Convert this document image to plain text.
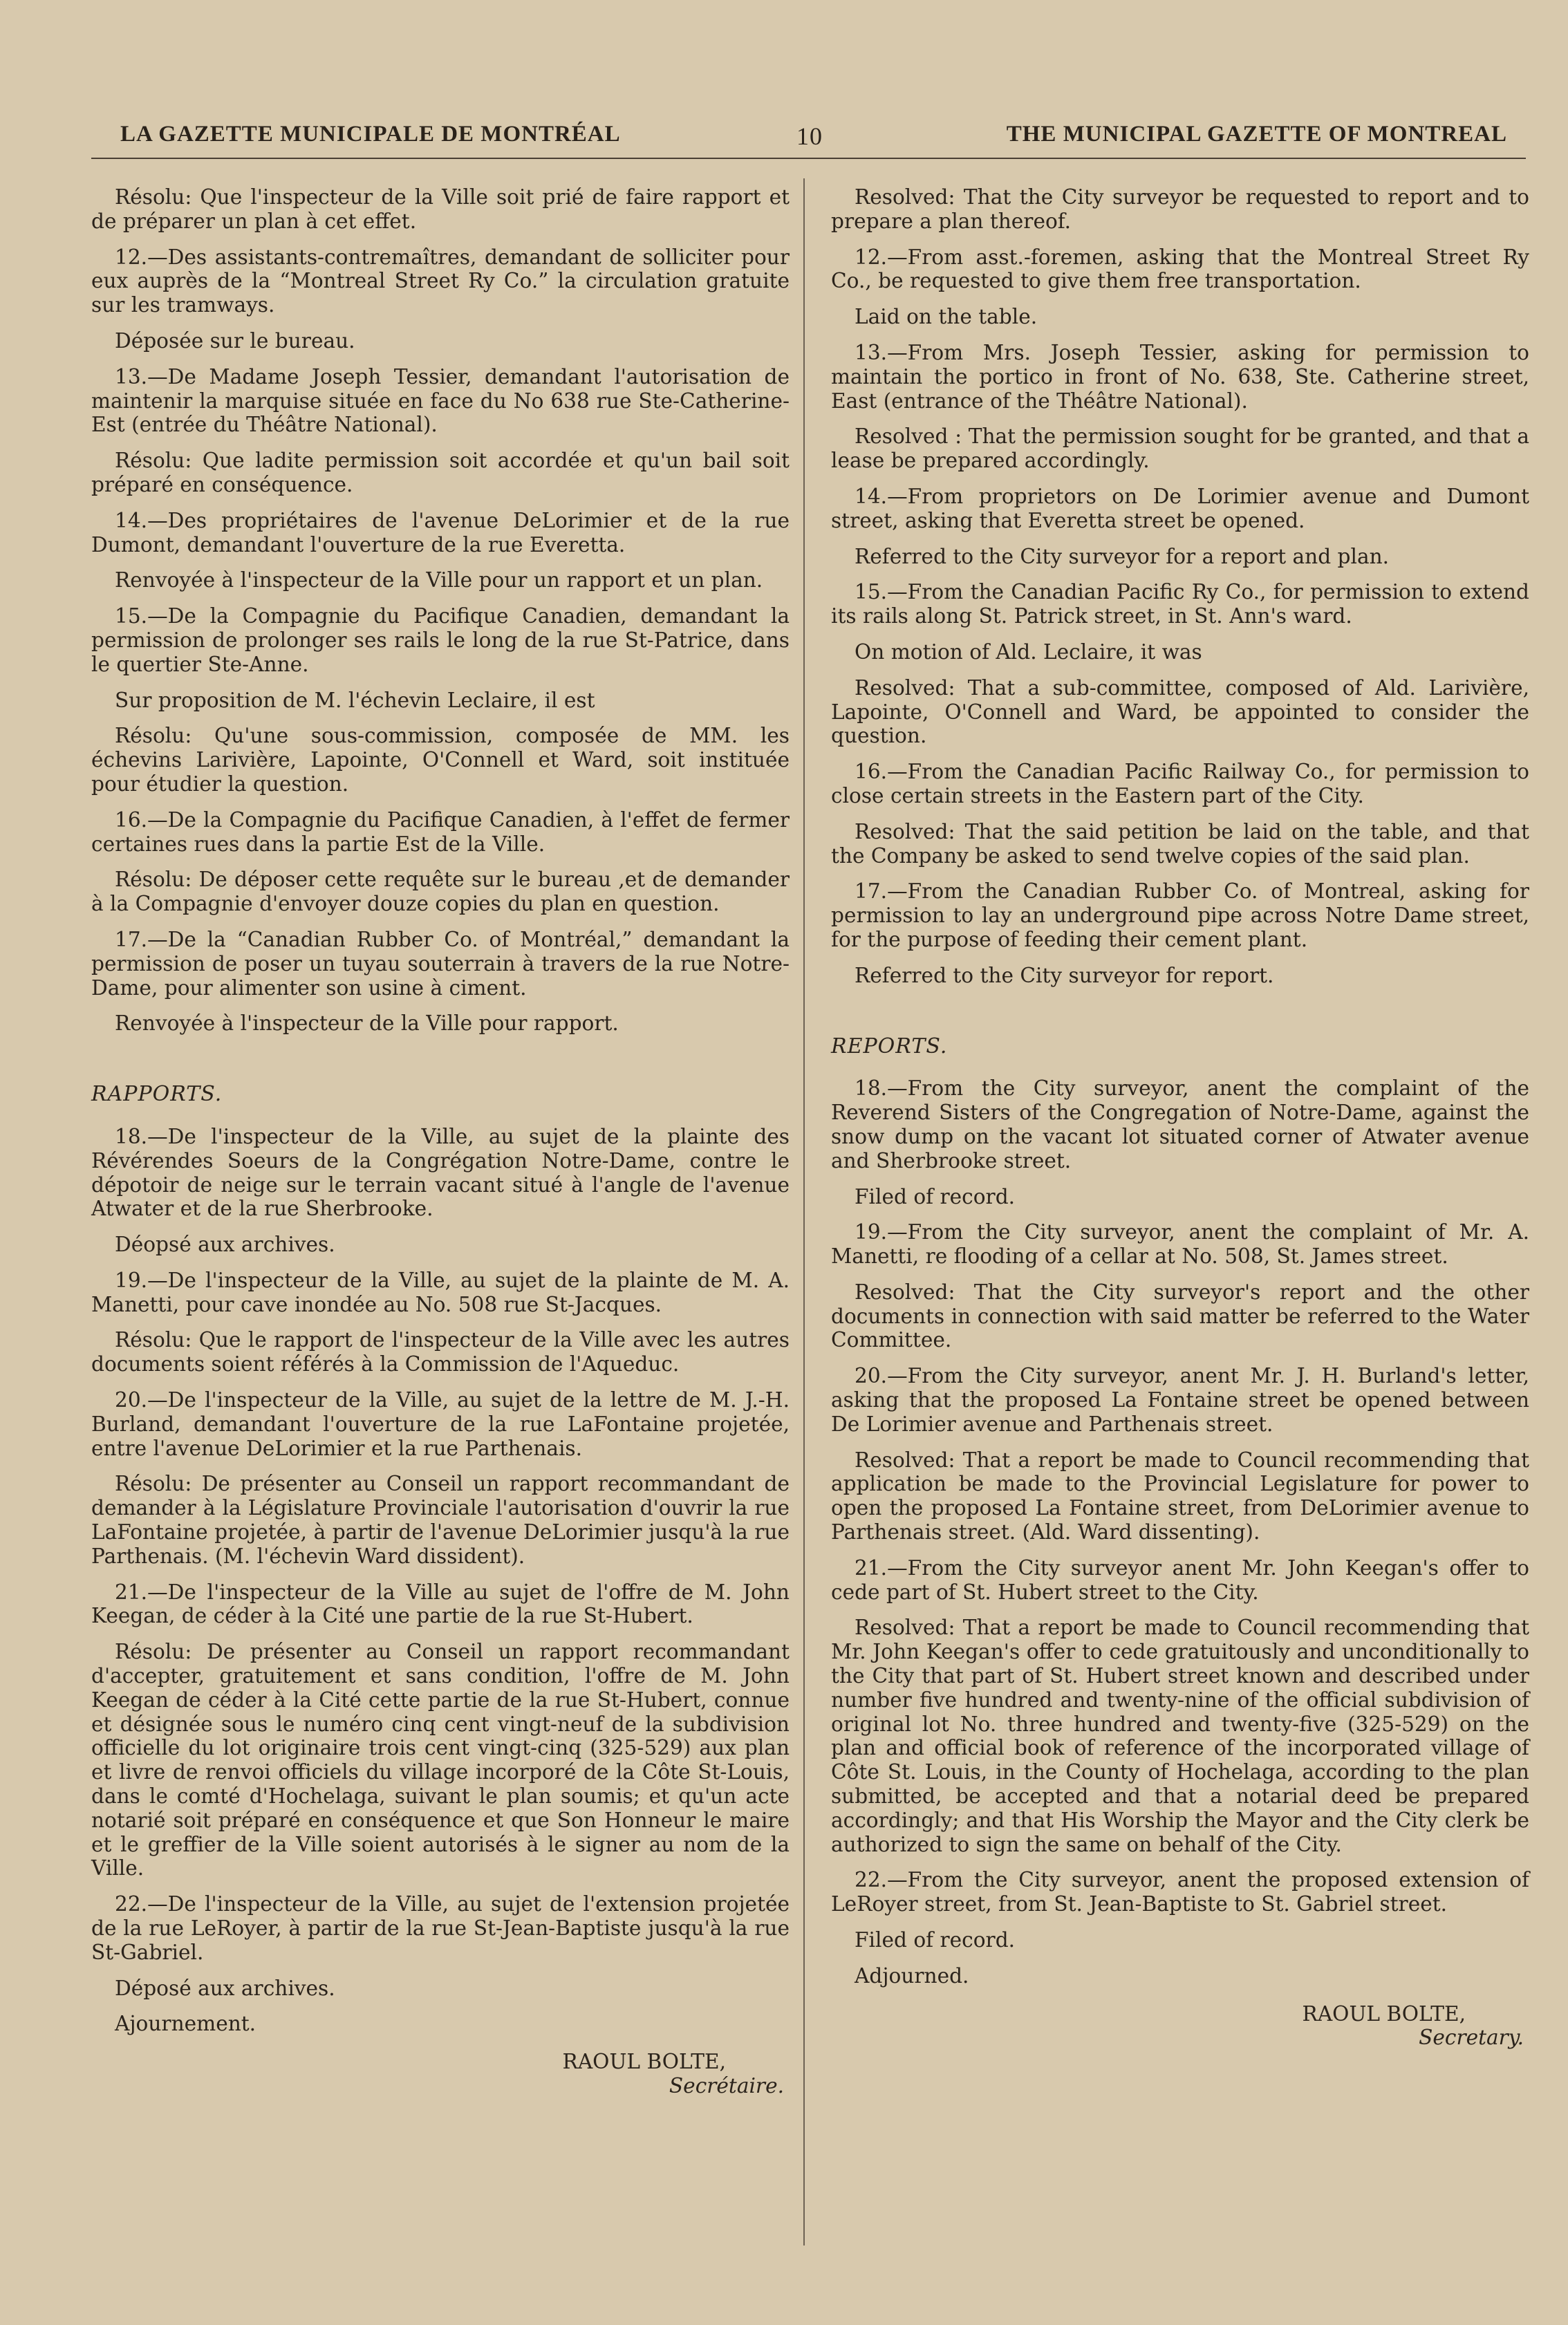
LA GAZETTE MUNICIPALE DE MONTRÉAL	10	THE MUNICIPAL GAZETTE OF MONTREAL

Résolu: Que l'inspecteur de la Ville soit prié de faire rapport et de préparer un plan à cet effet.

12.—Des assistants-contremaîtres, demandant de solliciter pour eux auprès de la “Montreal Street Ry Co.” la circulation gratuite sur les tramways.

Déposée sur le bureau.

13.—De Madame Joseph Tessier, demandant l'autorisation de maintenir la marquise située en face du No 638 rue Ste-Catherine-Est (entrée du Théâtre National).

Résolu: Que ladite permission soit accordée et qu'un bail soit préparé en conséquence.

14.—Des propriétaires de l'avenue DeLorimier et de la rue Dumont, demandant l'ouverture de la rue Everetta.

Renvoyée à l'inspecteur de la Ville pour un rapport et un plan.

15.—De la Compagnie du Pacifique Canadien, demandant la permission de prolonger ses rails le long de la rue St-Patrice, dans le quertier Ste-Anne.

Sur proposition de M. l'échevin Leclaire, il est

Résolu: Qu'une sous-commission, composée de MM. les échevins Larivière, Lapointe, O'Connell et Ward, soit instituée pour étudier la question.

16.—De la Compagnie du Pacifique Canadien, à l'effet de fermer certaines rues dans la partie Est de la Ville.

Résolu: De déposer cette requête sur le bureau ,et de demander à la Compagnie d'envoyer douze copies du plan en question.

17.—De la “Canadian Rubber Co. of Montréal,” demandant la permission de poser un tuyau souterrain à travers de la rue Notre-Dame, pour alimenter son usine à ciment.

Renvoyée à l'inspecteur de la Ville pour rapport.

RAPPORTS.

18.—De l'inspecteur de la Ville, au sujet de la plainte des Révérendes Soeurs de la Congrégation Notre-Dame, contre le dépotoir de neige sur le terrain vacant situé à l'angle de l'avenue Atwater et de la rue Sherbrooke.

Déopsé aux archives.

19.—De l'inspecteur de la Ville, au sujet de la plainte de M. A. Manetti, pour cave inondée au No. 508 rue St-Jacques.

Résolu: Que le rapport de l'inspecteur de la Ville avec les autres documents soient référés à la Commission de l'Aqueduc.

20.—De l'inspecteur de la Ville, au sujet de la lettre de M. J.-H. Burland, demandant l'ouverture de la rue LaFontaine projetée, entre l'avenue DeLorimier et la rue Parthenais.

Résolu: De présenter au Conseil un rapport recommandant de demander à la Législature Provinciale l'autorisation d'ouvrir la rue LaFontaine projetée, à partir de l'avenue DeLorimier jusqu'à la rue Parthenais. (M. l'échevin Ward dissident).

21.—De l'inspecteur de la Ville au sujet de l'offre de M. John Keegan, de céder à la Cité une partie de la rue St-Hubert.

Résolu: De présenter au Conseil un rapport recommandant d'accepter, gratuitement et sans condition, l'offre de M. John Keegan de céder à la Cité cette partie de la rue St-Hubert, connue et désignée sous le numéro cinq cent vingt-neuf de la subdivision officielle du lot originaire trois cent vingt-cinq (325-529) aux plan et livre de renvoi officiels du village incorporé de la Côte St-Louis, dans le comté d'Hochelaga, suivant le plan soumis; et qu'un acte notarié soit préparé en conséquence et que Son Honneur le maire et le greffier de la Ville soient autorisés à le signer au nom de la Ville.

22.—De l'inspecteur de la Ville, au sujet de l'extension projetée de la rue LeRoyer, à partir de la rue St-Jean-Baptiste jusqu'à la rue St-Gabriel.

Déposé aux archives.

Ajournement.

RAOUL BOLTE,
Secrétaire.

Resolved: That the City surveyor be requested to report and to prepare a plan thereof.

12.—From asst.-foremen, asking that the Montreal Street Ry Co., be requested to give them free transportation.

Laid on the table.

13.—From Mrs. Joseph Tessier, asking for permission to maintain the portico in front of No. 638, Ste. Catherine street, East (entrance of the Théâtre National).

Resolved : That the permission sought for be granted, and that a lease be prepared accordingly.

14.—From proprietors on De Lorimier avenue and Dumont street, asking that Everetta street be opened.

Referred to the City surveyor for a report and plan.

15.—From the Canadian Pacific Ry Co., for permission to extend its rails along St. Patrick street, in St. Ann's ward.

On motion of Ald. Leclaire, it was

Resolved: That a sub-committee, composed of Ald. Larivière, Lapointe, O'Connell and Ward, be appointed to consider the question.

16.—From the Canadian Pacific Railway Co., for permission to close certain streets in the Eastern part of the City.

Resolved: That the said petition be laid on the table, and that the Company be asked to send twelve copies of the said plan.

17.—From the Canadian Rubber Co. of Montreal, asking for permission to lay an underground pipe across Notre Dame street, for the purpose of feeding their cement plant.

Referred to the City surveyor for report.

REPORTS.

18.—From the City surveyor, anent the complaint of the Reverend Sisters of the Congregation of Notre-Dame, against the snow dump on the vacant lot situated corner of Atwater avenue and Sherbrooke street.

Filed of record.

19.—From the City surveyor, anent the complaint of Mr. A. Manetti, re flooding of a cellar at No. 508, St. James street.

Resolved: That the City surveyor's report and the other documents in connection with said matter be referred to the Water Committee.

20.—From the City surveyor, anent Mr. J. H. Burland's letter, asking that the proposed La Fontaine street be opened between De Lorimier avenue and Parthenais street.

Resolved: That a report be made to Council recommending that application be made to the Provincial Legislature for power to open the proposed La Fontaine street, from DeLorimier avenue to Parthenais street. (Ald. Ward dissenting).

21.—From the City surveyor anent Mr. John Keegan's offer to cede part of St. Hubert street to the City.

Resolved: That a report be made to Council recommending that Mr. John Keegan's offer to cede gratuitously and unconditionally to the City that part of St. Hubert street known and described under number five hundred and twenty-nine of the official subdivision of original lot No. three hundred and twenty-five (325-529) on the plan and official book of reference of the incorporated village of Côte St. Louis, in the County of Hochelaga, according to the plan submitted, be accepted and that a notarial deed be prepared accordingly; and that His Worship the Mayor and the City clerk be authorized to sign the same on behalf of the City.

22.—From the City surveyor, anent the proposed extension of LeRoyer street, from St. Jean-Baptiste to St. Gabriel street.

Filed of record.

Adjourned.

RAOUL BOLTE,
Secretary.
